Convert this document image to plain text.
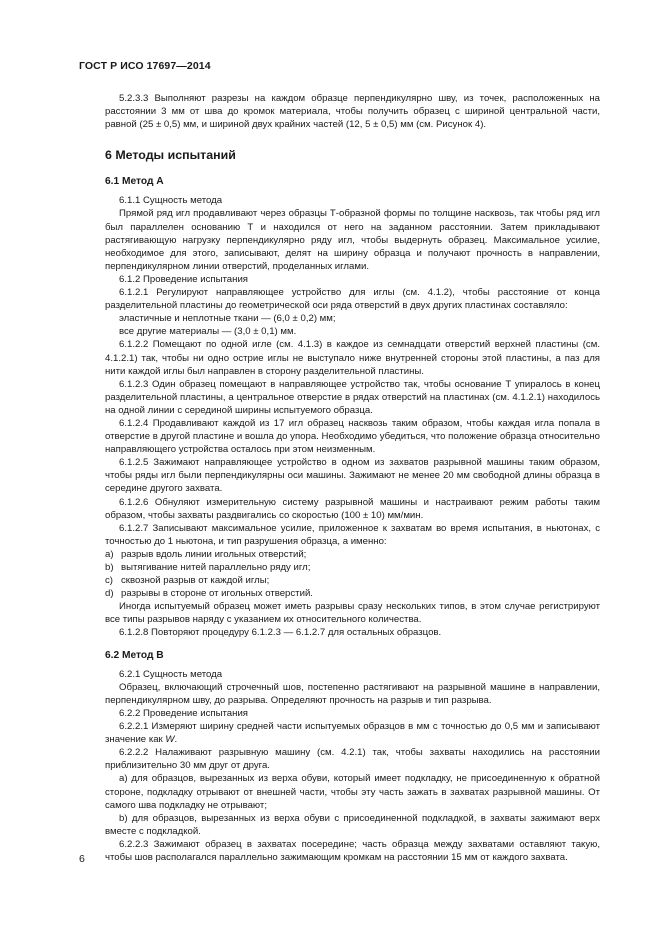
ГОСТ Р ИСО 17697—2014

5.2.3.3 Выполняют разрезы на каждом образце перпендикулярно шву, из точек, расположенных на расстоянии 3 мм от шва до кромок материала, чтобы получить образец с шириной центральной части, равной (25 ± 0,5) мм, и шириной двух крайних частей (12, 5 ± 0,5) мм (см. Рисунок 4).

6 Методы испытаний
6.1 Метод А

6.1.1 Сущность метода

Прямой ряд игл продавливают через образцы Т-образной формы по толщине насквозь, так чтобы ряд игл был параллелен основанию Т и находился от него на заданном расстоянии. Затем прикладывают растягивающую нагрузку перпендикулярно ряду игл, чтобы выдернуть образец. Максимальное усилие, необходимое для этого, записывают, делят на ширину образца и получают прочность в направлении, перпендикулярном линии отверстий, проделанных иглами.

6.1.2 Проведение испытания

6.1.2.1 Регулируют направляющее устройство для иглы (см. 4.1.2), чтобы расстояние от конца разделительной пластины до геометрической оси ряда отверстий в двух других пластинах составляло:

эластичные и неплотные ткани — (6,0 ± 0,2) мм;

все другие материалы — (3,0 ± 0,1) мм.

6.1.2.2 Помещают по одной игле (см. 4.1.3) в каждое из семнадцати отверстий верхней пластины (см. 4.1.2.1) так, чтобы ни одно острие иглы не выступало ниже внутренней стороны этой пластины, а паз для нити каждой иглы был направлен в сторону разделительной пластины.

6.1.2.3 Один образец помещают в направляющее устройство так, чтобы основание Т упиралось в конец разделительной пластины, а центральное отверстие в рядах отверстий на пластинах (см. 4.1.2.1) находилось на одной линии с серединой ширины испытуемого образца.

6.1.2.4 Продавливают каждой из 17 игл образец насквозь таким образом, чтобы каждая игла попала в отверстие в другой пластине и вошла до упора. Необходимо убедиться, что положение образца относительно направляющего устройства осталось при этом неизменным.

6.1.2.5 Зажимают направляющее устройство в одном из захватов разрывной машины таким образом, чтобы ряды игл были перпендикулярны оси машины. Зажимают не менее 20 мм свободной длины образца в середине другого захвата.

6.1.2.6 Обнуляют измерительную систему разрывной машины и настраивают режим работы таким образом, чтобы захваты раздвигались со скоростью (100 ± 10) мм/мин.

6.1.2.7 Записывают максимальное усилие, приложенное к захватам во время испытания, в ньютонах, с точностью до 1 ньютона, и тип разрушения образца, а именно:

a) разрыв вдоль линии игольных отверстий;
b) вытягивание нитей параллельно ряду игл;
c) сквозной разрыв от каждой иглы;
d) разрывы в стороне от игольных отверстий.

Иногда испытуемый образец может иметь разрывы сразу нескольких типов, в этом случае регистрируют все типы разрывов наряду с указанием их относительного количества.

6.1.2.8 Повторяют процедуру 6.1.2.3 — 6.1.2.7 для остальных образцов.

6.2 Метод В

6.2.1 Сущность метода

Образец, включающий строчечный шов, постепенно растягивают на разрывной машине в направлении, перпендикулярном шву, до разрыва. Определяют прочность на разрыв и тип разрыва.

6.2.2 Проведение испытания

6.2.2.1 Измеряют ширину средней части испытуемых образцов в мм с точностью до 0,5 мм и записывают значение как W.

6.2.2.2 Налаживают разрывную машину (см. 4.2.1) так, чтобы захваты находились на расстоянии приблизительно 30 мм друг от друга.

а) для образцов, вырезанных из верха обуви, который имеет подкладку, не присоединенную к обратной стороне, подкладку отрывают от внешней части, чтобы эту часть зажать в захватах разрывной машины. От самого шва подкладку не отрывают;

b) для образцов, вырезанных из верха обуви с присоединенной подкладкой, в захваты зажимают верх вместе с подкладкой.

6.2.2.3 Зажимают образец в захватах посередине; часть образца между захватами оставляют такую, чтобы шов располагался параллельно зажимающим кромкам на расстоянии 15 мм от каждого захвата.

6
